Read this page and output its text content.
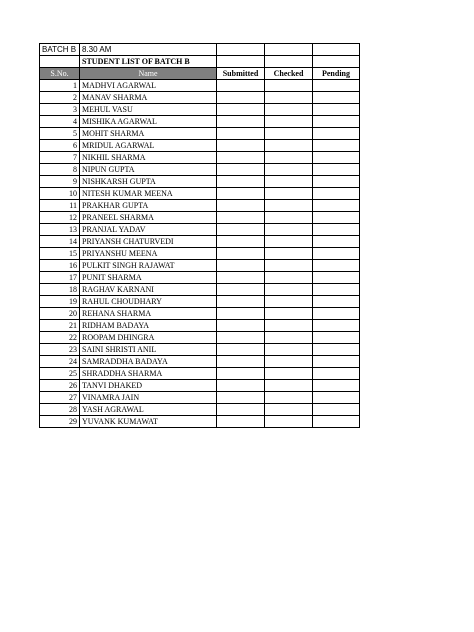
BATCH B	8.30 AM			
	STUDENT LIST OF BATCH B			
S.No.	Name	Submitted	Checked	Pending
1	MADHVI AGARWAL			
2	MANAV SHARMA			
3	MEHUL VASU			
4	MISHIKA AGARWAL			
5	MOHIT SHARMA			
6	MRIDUL AGARWAL			
7	NIKHIL SHARMA			
8	NIPUN GUPTA			
9	NISHKARSH GUPTA			
10	NITESH KUMAR MEENA			
11	PRAKHAR GUPTA			
12	PRANEEL SHARMA			
13	PRANJAL YADAV			
14	PRIYANSH CHATURVEDI			
15	PRIYANSHU MEENA			
16	PULKIT SINGH RAJAWAT			
17	PUNIT SHARMA			
18	RAGHAV KARNANI			
19	RAHUL CHOUDHARY			
20	REHANA SHARMA			
21	RIDHAM BADAYA			
22	ROOPAM DHINGRA			
23	SAINI SHRISTI ANIL			
24	SAMRADDHA BADAYA			
25	SHRADDHA SHARMA			
26	TANVI DHAKED			
27	VINAMRA JAIN			
28	YASH AGRAWAL			
29	YUVANK KUMAWAT			
